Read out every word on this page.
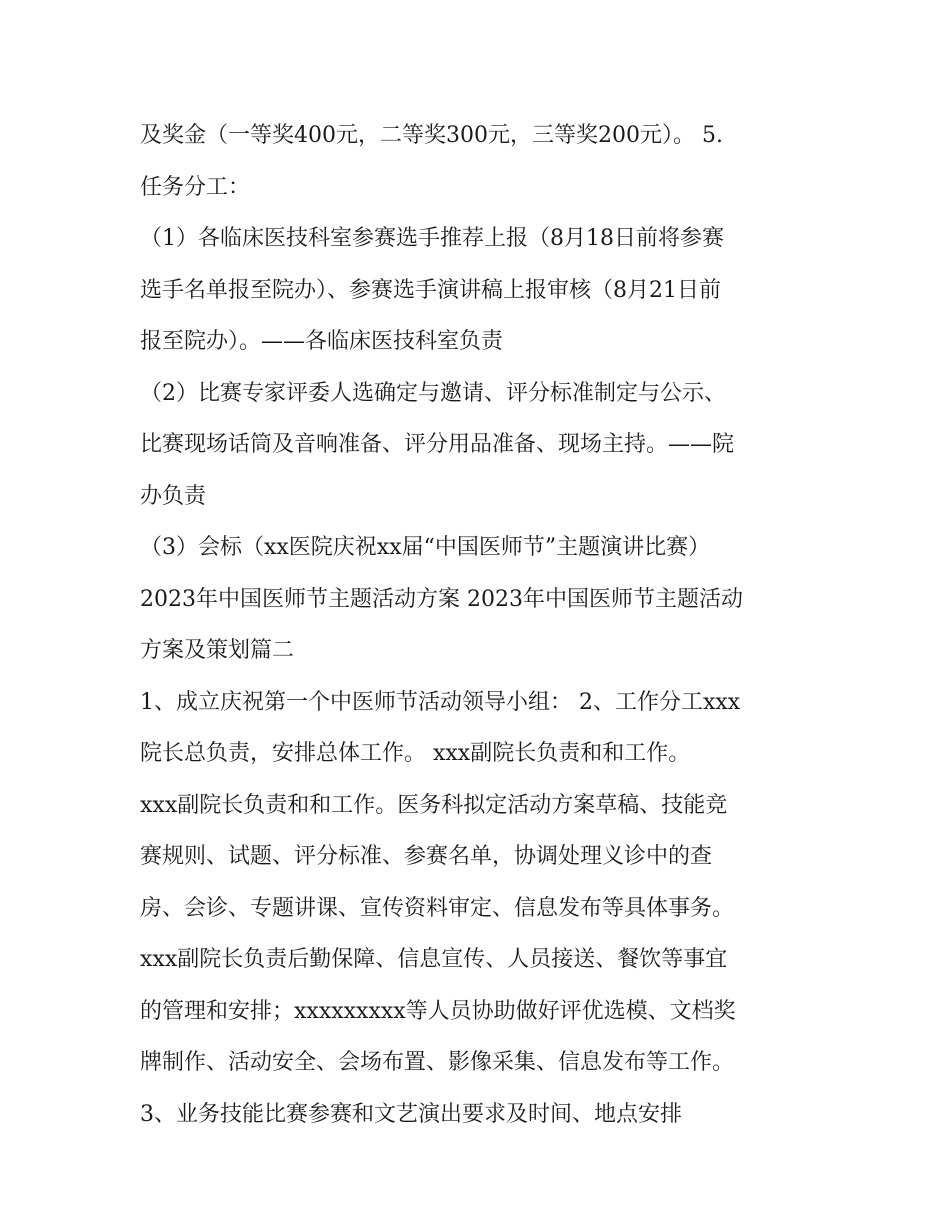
及奖金（一等奖400元，二等奖300元，三等奖200元）。 5.
任务分工：
（1）各临床医技科室参赛选手推荐上报（8月18日前将参赛
选手名单报至院办）、参赛选手演讲稿上报审核（8月21日前
报至院办）。——各临床医技科室负责
（2）比赛专家评委人选确定与邀请、评分标准制定与公示、
比赛现场话筒及音响准备、评分用品准备、现场主持。——院
办负责
（3）会标（xx医院庆祝xx届“中国医师节”主题演讲比赛）
2023年中国医师节主题活动方案 2023年中国医师节主题活动
方案及策划篇二
1、成立庆祝第一个中医师节活动领导小组： 2、工作分工xxx
院长总负责，安排总体工作。 xxx副院长负责和和工作。
xxx副院长负责和和工作。医务科拟定活动方案草稿、技能竞
赛规则、试题、评分标准、参赛名单，协调处理义诊中的查
房、会诊、专题讲课、宣传资料审定、信息发布等具体事务。
xxx副院长负责后勤保障、信息宣传、人员接送、餐饮等事宜
的管理和安排；xxxxxxxxx等人员协助做好评优选模、文档奖
牌制作、活动安全、会场布置、影像采集、信息发布等工作。
3、业务技能比赛参赛和文艺演出要求及时间、地点安排
